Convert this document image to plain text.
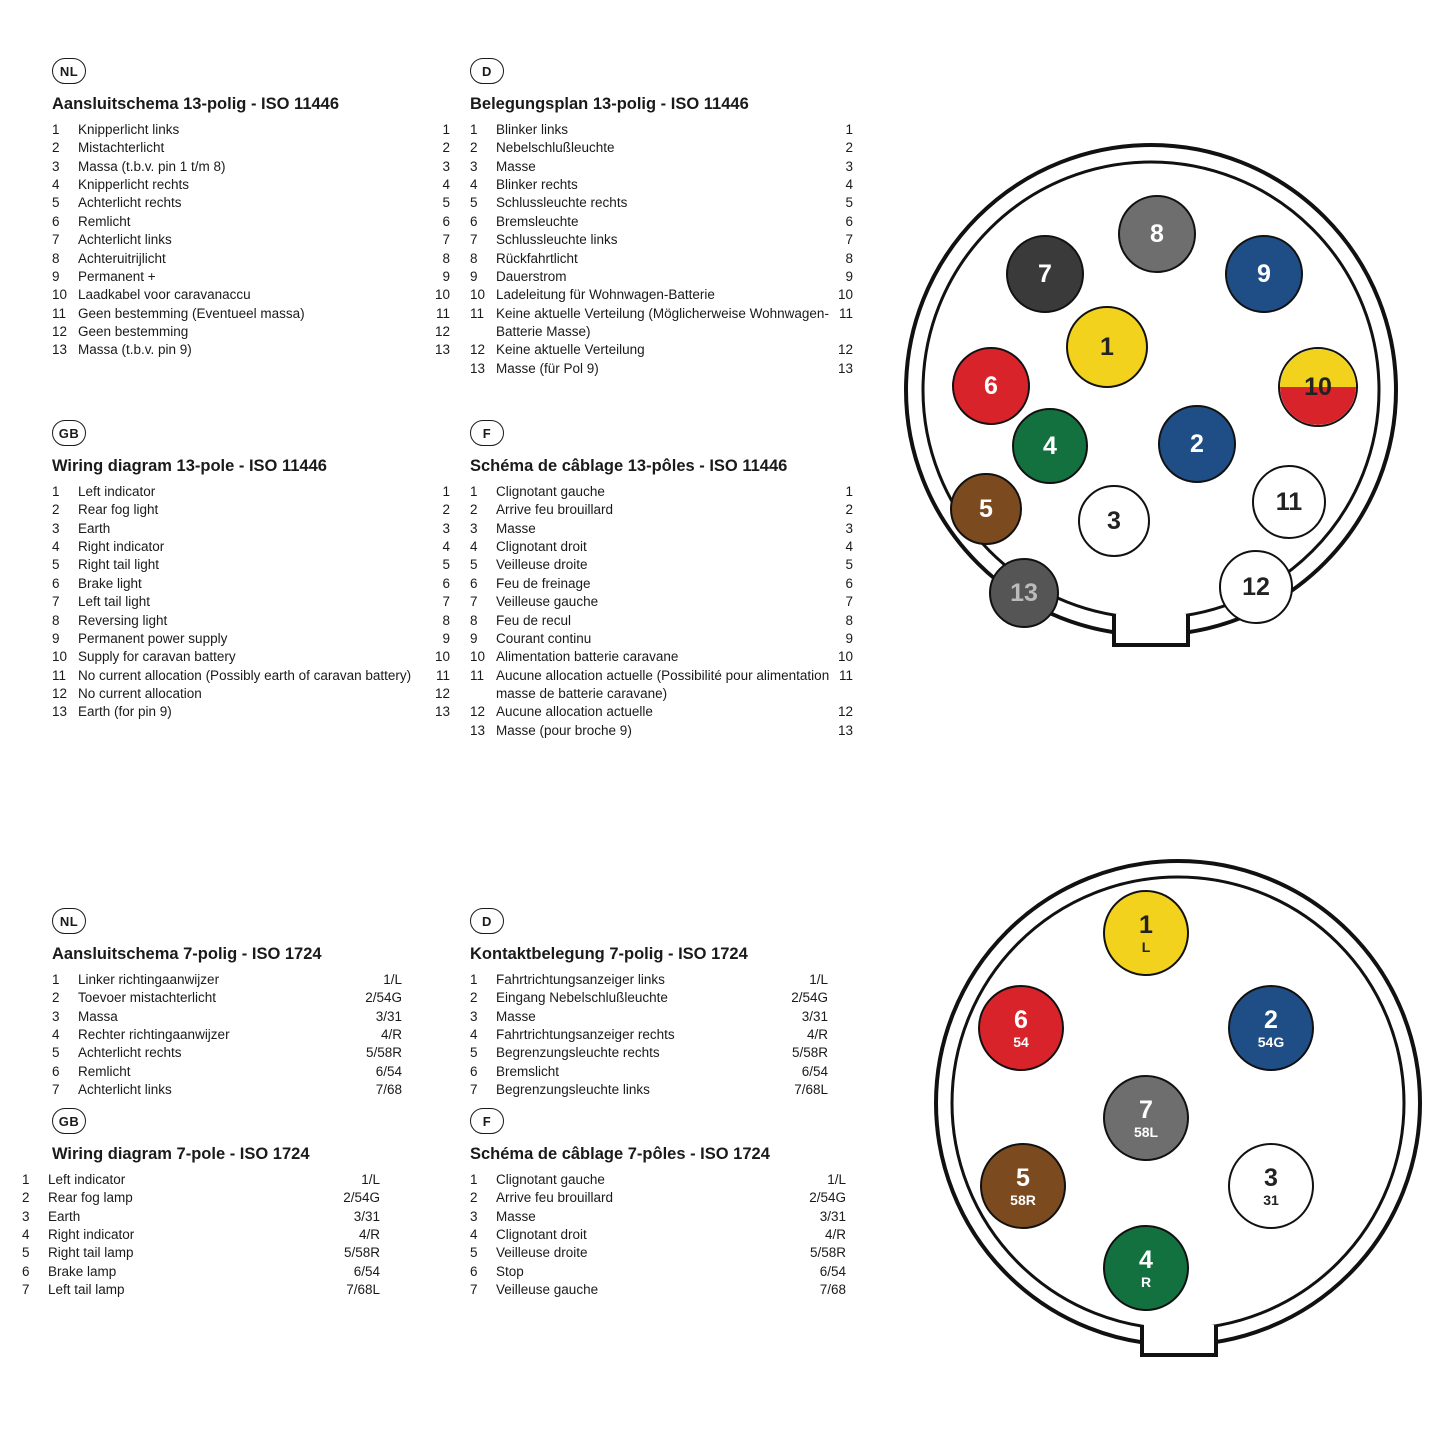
NL
Aansluitschema 13-polig - ISO 11446
1	Knipperlicht links	1
2	Mistachterlicht	2
3	Massa (t.b.v. pin 1 t/m 8)	3
4	Knipperlicht rechts	4
5	Achterlicht rechts	5
6	Remlicht	6
7	Achterlicht links	7
8	Achteruitrijlicht	8
9	Permanent +	9
10	Laadkabel voor caravanaccu	10
11	Geen bestemming (Eventueel massa)	11
12	Geen bestemming	12
13	Massa (t.b.v. pin 9)	13
D
Belegungsplan 13-polig - ISO 11446
1	Blinker links	1
2	Nebelschlußleuchte	2
3	Masse	3
4	Blinker rechts	4
5	Schlussleuchte rechts	5
6	Bremsleuchte	6
7	Schlussleuchte links	7
8	Rückfahrtlicht	8
9	Dauerstrom	9
10	Ladeleitung für Wohnwagen-Batterie	10
11	Keine aktuelle Verteilung (Möglicherweise Wohnwagen-Batterie Masse)	11
12	Keine aktuelle Verteilung	12
13	Masse (für Pol 9)	13
GB
Wiring diagram 13-pole - ISO 11446
1	Left indicator	1
2	Rear fog light	2
3	Earth	3
4	Right indicator	4
5	Right tail light	5
6	Brake light	6
7	Left tail light	7
8	Reversing light	8
9	Permanent power supply	9
10	Supply for caravan battery	10
11	No current allocation (Possibly earth of caravan battery)	11
12	No current allocation	12
13	Earth (for pin 9)	13
F
Schéma de câblage 13-pôles - ISO 11446
1	Clignotant gauche	1
2	Arrive feu brouillard	2
3	Masse	3
4	Clignotant droit	4
5	Veilleuse droite	5
6	Feu de freinage	6
7	Veilleuse gauche	7
8	Feu de recul	8
9	Courant continu	9
10	Alimentation batterie caravane	10
11	Aucune allocation actuelle (Possibilité pour alimentation masse de batterie caravane)	11
12	Aucune allocation actuelle	12
13	Masse (pour broche 9)	13
10
7
8
9
6
1
4	2
5	3
11
13	12
NL
Aansluitschema 7-polig - ISO 1724
1	Linker richtingaanwijzer	1/L
2	Toevoer mistachterlicht	2/54G
3	Massa	3/31
4	Rechter richtingaanwijzer	4/R
5	Achterlicht rechts	5/58R
6	Remlicht	6/54
7	Achterlicht links	7/68
D
Kontaktbelegung 7-polig - ISO 1724
1	Fahrtrichtungsanzeiger links	1/L
2	Eingang Nebelschlußleuchte	2/54G
3	Masse	3/31
4	Fahrtrichtungsanzeiger rechts	4/R
5	Begrenzungsleuchte rechts	5/58R
6	Bremslicht	6/54
7	Begrenzungsleuchte links	7/68L
GB
Wiring diagram 7-pole - ISO 1724
1	Left indicator	1/L
2	Rear fog lamp	2/54G
3	Earth	3/31
4	Right indicator	4/R
5	Right tail lamp	5/58R
6	Brake lamp	6/54
7	Left tail lamp	7/68L
F
Schéma de câblage 7-pôles - ISO 1724
1	Clignotant gauche	1/L
2	Arrive feu brouillard	2/54G
3	Masse	3/31
4	Clignotant droit	4/R
5	Veilleuse droite	5/58R
6	Stop	6/54
7	Veilleuse gauche	7/68
1
L
6
54
2
54G
7
58L
5
58R
3
31
4
R
